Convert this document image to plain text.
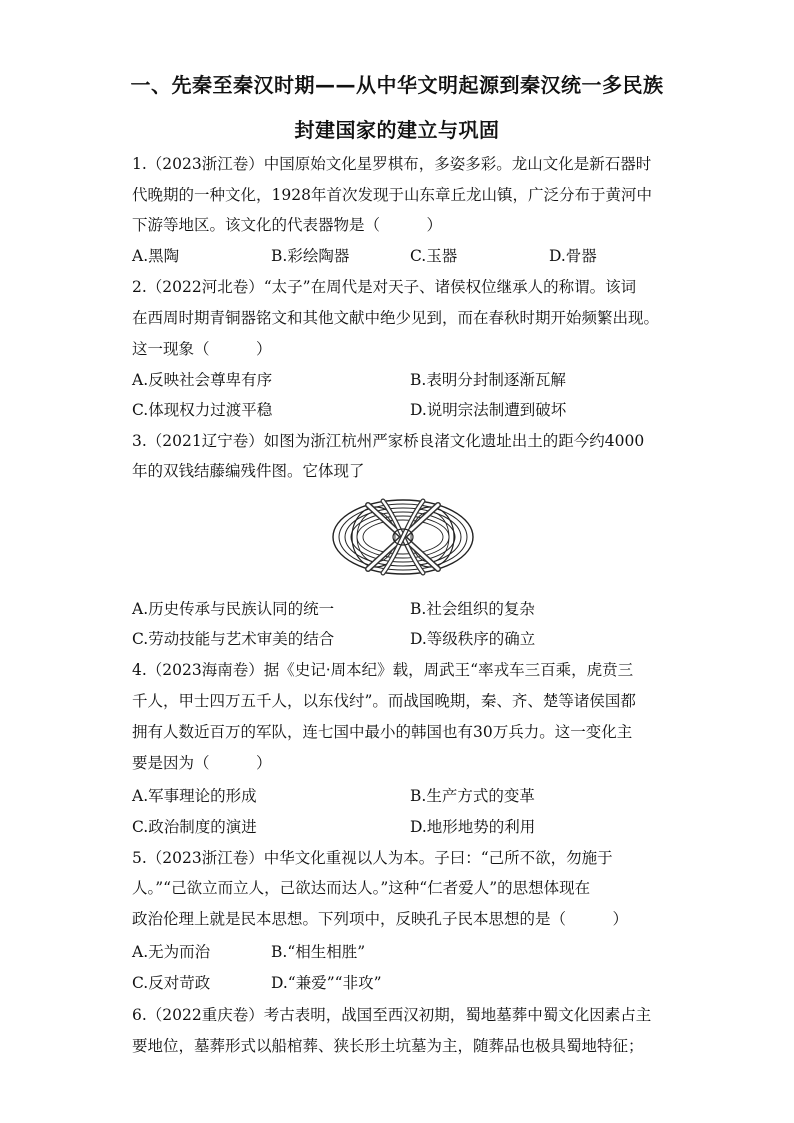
一、先秦至秦汉时期——从中华文明起源到秦汉统一多民族
封建国家的建立与巩固
1.（2023浙江卷）中国原始文化星罗棋布，多姿多彩。龙山文化是新石器时
代晚期的一种文化，1928年首次发现于山东章丘龙山镇，广泛分布于黄河中
下游等地区。该文化的代表器物是（　　　）
A.黑陶	B.彩绘陶器	C.玉器	D.骨器
2.（2022河北卷）“太子”在周代是对天子、诸侯权位继承人的称谓。该词
在西周时期青铜器铭文和其他文献中绝少见到，而在春秋时期开始频繁出现。
这一现象（　　　）
A.反映社会尊卑有序	B.表明分封制逐渐瓦解
C.体现权力过渡平稳	D.说明宗法制遭到破坏
3.（2021辽宁卷）如图为浙江杭州严家桥良渚文化遗址出土的距今约4000
年的双钱结藤编残件图。它体现了
A.历史传承与民族认同的统一	B.社会组织的复杂
C.劳动技能与艺术审美的结合	D.等级秩序的确立
4.（2023海南卷）据《史记·周本纪》载，周武王“率戎车三百乘，虎贲三
千人，甲士四万五千人，以东伐纣”。而战国晚期，秦、齐、楚等诸侯国都
拥有人数近百万的军队，连七国中最小的韩国也有30万兵力。这一变化主
要是因为（　　　）
A.军事理论的形成	B.生产方式的变革
C.政治制度的演进	D.地形地势的利用
5.（2023浙江卷）中华文化重视以人为本。子曰：“己所不欲，勿施于
人。”“己欲立而立人，己欲达而达人。”这种“仁者爱人”的思想体现在
政治伦理上就是民本思想。下列项中，反映孔子民本思想的是（　　　）
A.无为而治	B.“相生相胜”
C.反对苛政	D.“兼爱”“非攻”
6.（2022重庆卷）考古表明，战国至西汉初期，蜀地墓葬中蜀文化因素占主
要地位，墓葬形式以船棺葬、狭长形土坑墓为主，随葬品也极具蜀地特征；
